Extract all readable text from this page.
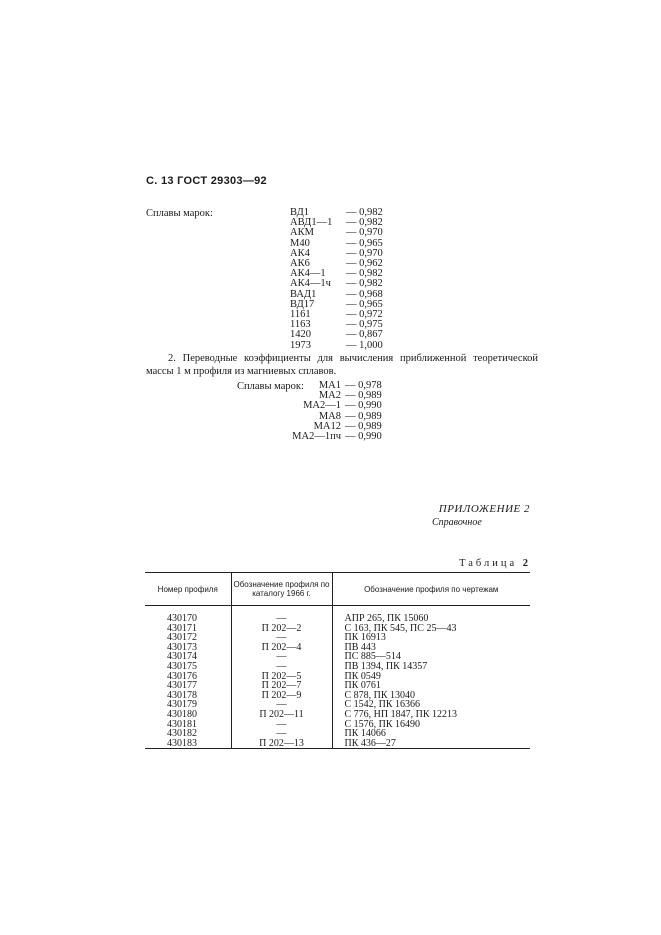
С. 13 ГОСТ 29303—92
Сплавы марок:	ВД1	— 0,982
АВД1—1	— 0,982
АКМ	— 0,970
М40	— 0,965
АК4	— 0,970
АК6	— 0,962
АК4—1	— 0,982
АК4—1ч	— 0,982
ВАД1	— 0,968
ВД17	— 0,965
1161	— 0,972
1163	— 0,975
1420	— 0,867
1973	— 1,000
2. Переводные коэффициенты для вычисления приближенной теоретической массы 1 м профиля из магниевых сплавов.
Сплавы марок:	МА1 — 0,978
МА2 — 0,989
МА2—1 — 0,990
МА8 — 0,989
МА12 — 0,989
МА2—1пч — 0,990
ПРИЛОЖЕНИЕ 2
Справочное
Таблица 2
Номер профиля	Обозначение профиля по каталогу 1966 г.	Обозначение профиля по чертежам

430170	—	АПР 265, ПК 15060
430171	П 202—2	С 163, ПК 545, ПС 25—43
430172	—	ПК 16913
430173	П 202—4	ПВ 443
430174	—	ПС 885—514
430175	—	ПВ 1394, ПК 14357
430176	П 202—5	ПК 0549
430177	П 202—7	ПК 0761
430178	П 202—9	С 878, ПК 13040
430179	—	С 1542, ПК 16366
430180	П 202—11	С 776, НП 1847, ПК 12213
430181	—	С 1576, ПК 16490
430182	—	ПК 14066
430183	П 202—13	ПК 436—27
